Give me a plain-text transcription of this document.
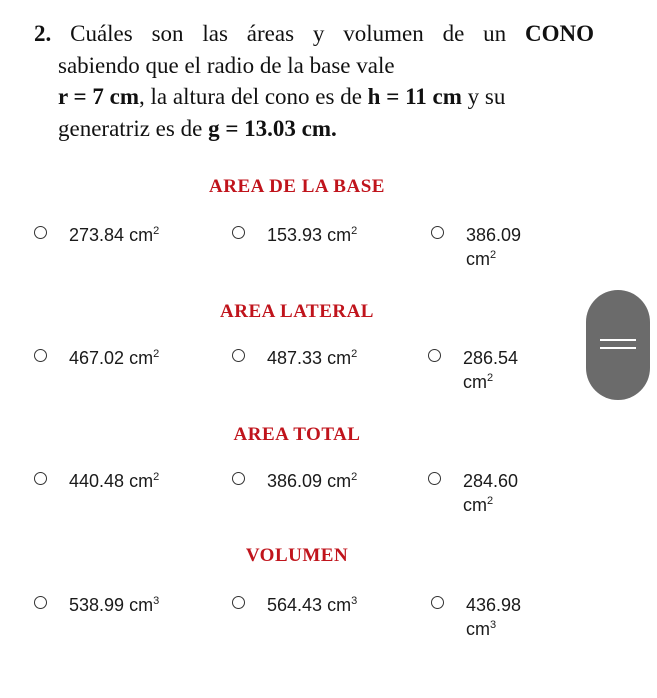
2. Cuáles son las áreas y volumen de un CONO
sabiendo que el radio de la base vale
r = 7 cm, la altura del cono es de h = 11 cm y su
generatriz es de g = 13.03 cm.
AREA DE LA BASE
273.84 $cm^2$	153.93 $cm^2$	386.09
$cm^2$
AREA LATERAL
467.02 $cm^2$	487.33 $cm^2$	286.54
$cm^2$
AREA TOTAL
440.48 $cm^2$	386.09 $cm^2$	284.60
$cm^2$
VOLUMEN
538.99 $cm^3$	564.43 $cm^3$	436.98
$cm^3$
